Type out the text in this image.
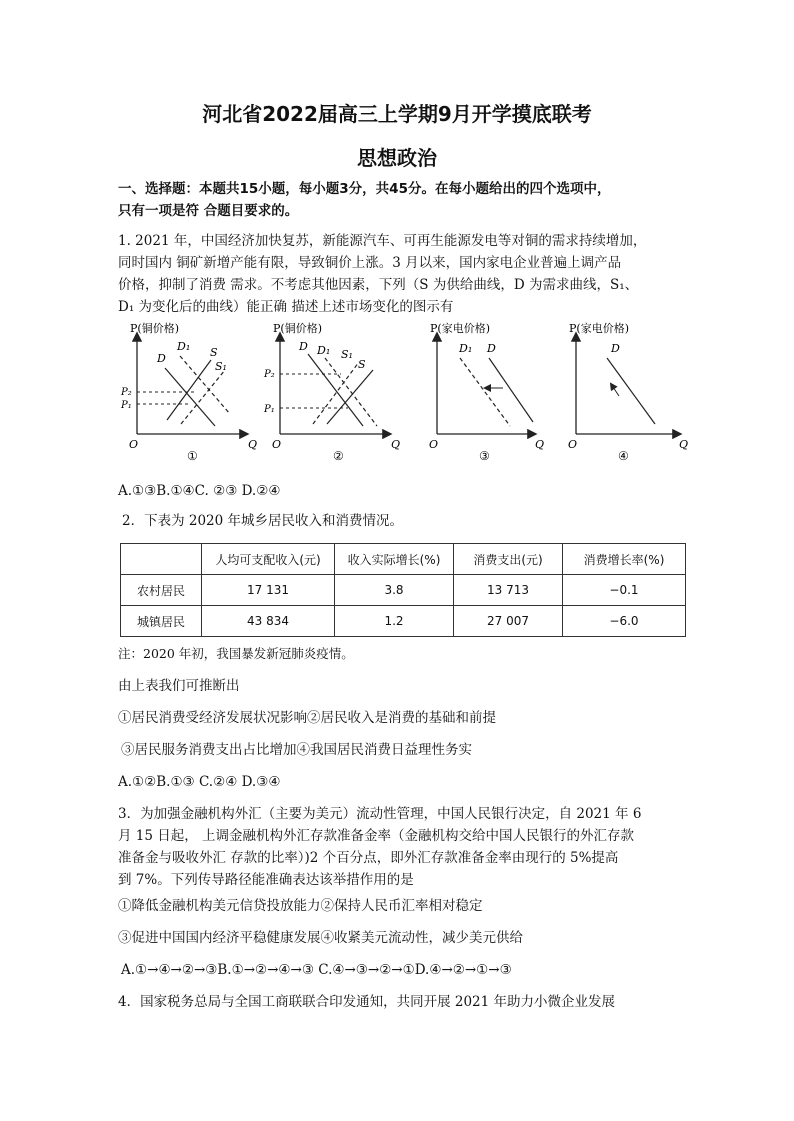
河北省2022届高三上学期9月开学摸底联考
思想政治
一、选择题：本题共15小题，每小题3分，共45分。在每小题给出的四个选项中，
只有一项是符 合题目要求的。
1. 2021 年，中国经济加快复苏，新能源汽车、可再生能源发电等对铜的需求持续增加，
同时国内 铜矿新增产能有限，导致铜价上涨。3 月以来，国内家电企业普遍上调产品
价格，抑制了消费 需求。不考虑其他因素，下列（S 为供给曲线，D 为需求曲线，S₁、
D₁ 为变化后的曲线）能正确 描述上述市场变化的图示有
P(铜价格)
O	Q
D
D₁ S
S₁
P₂
P₁
①
P(铜价格)
O	Q
D D₁ S₁
S
P₂
P₁
②
P(家电价格)
O	Q
D₁ D
③
P(家电价格)
O	Q
D
④
A.①③B.①④C. ②③ D.②④
2．下表为 2020 年城乡居民收入和消费情况。
	人均可支配收入(元)	收入实际增长(%)	消费支出(元)	消费增长率(%)
农村居民	17 131	3.8	13 713	−0.1
城镇居民	43 834	1.2	27 007	−6.0
注：2020 年初，我国暴发新冠肺炎疫情。
由上表我们可推断出
①居民消费受经济发展状况影响②居民收入是消费的基础和前提
③居民服务消费支出占比增加④我国居民消费日益理性务实
A.①②B.①③ C.②④ D.③④
3．为加强金融机构外汇（主要为美元）流动性管理，中国人民银行决定，自 2021 年 6
月 15 日起， 上调金融机构外汇存款准备金率（金融机构交给中国人民银行的外汇存款
准备金与吸收外汇 存款的比率）)2 个百分点，即外汇存款准备金率由现行的 5%提高
到 7%。下列传导路径能准确表达该举措作用的是
①降低金融机构美元信贷投放能力②保持人民币汇率相对稳定
③促进中国国内经济平稳健康发展④收紧美元流动性，减少美元供给
A.①→④→②→③B.①→②→④→③ C.④→③→②→①D.④→②→①→③
4．国家税务总局与全国工商联联合印发通知，共同开展 2021 年助力小微企业发展
